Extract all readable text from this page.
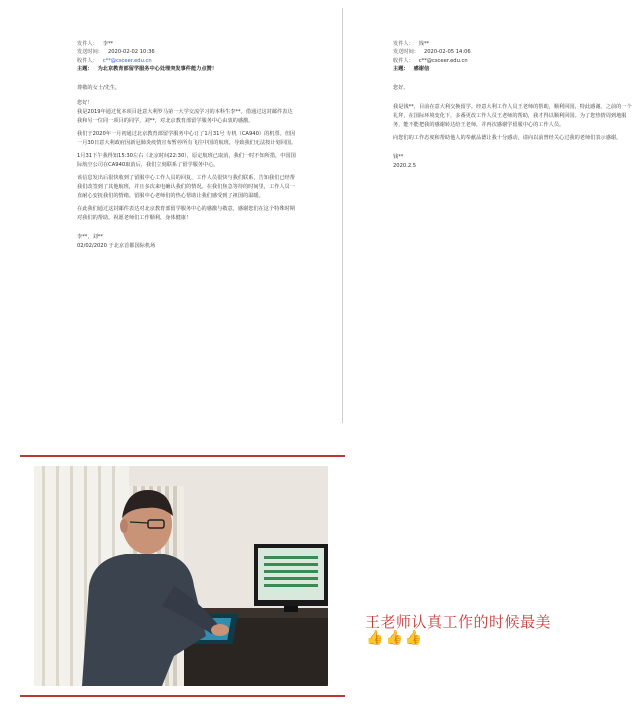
发件人： 李**
发送时间： 2020-02-02 10:36
收件人： c**@csceer.edu.cn
主题： 为北京教育部留学服务中心处理突发事件能力点赞！
尊敬的女士/先生，
您好！

我是2019年通过优本项目赴意大利罗马第一大学交流学习的本科生李**。借通过这封邮件表达我和另一位同一项目的同学，刘**，对北京教育部留学服务中心由衷的感激。

我们于2020年一月初通过北京教育部留学服务中心订了1月31号 专机（CA940）的机票。但因一月30日意大利政府因新冠肺炎疫情宣布暂停所有飞往中国的航班，导致我们无法按计划回国。

1月31下午我得知15:30左右（北京时间22:30），原定航班已取消，我们一时不知所措，中国国际航空公司在CA940取消后，我们立刻联系了留学服务中心。

该信息发出后很快收到了留服中心工作人员的回复，工作人员很快与我们联系，告知我们已经帮我们改签到了其他航班，并且多次来电确认我们的情况。在我们焦急等待的时间里，工作人员一直耐心安抚我们的情绪。留服中心老师们的热心帮助让我们感受到了祖国的温暖。

在此我们通过这封邮件表达对北京教育部留学服务中心的感激与敬意，感谢您们在这个特殊时期对我们的帮助，祝愿老师们工作顺利，身体健康！

李**，刘**
02/02/2020 于北京首都国际机场
发件人： 钱**
发送时间： 2020-02-05 14:06
收件人： c**@csceer.edu.cn
主题： 感谢信
您好。

我是钱**，目前在意大利交换留学。经意大利工作人员王老师的帮助，顺利回国，特此感谢。之前的一个礼拜，在国际环境变化下，多番更改工作人员王老师的帮助，我才得以顺利回国。为了您热情周到地服务，能不能把我的感谢转达给王老师，并再次感谢学留服中心的工作人员。

向您们的工作态度和帮助他人的奉献品德让我十分感动，请向以前曾经关心过我的老师们表示感谢。

钱**
2020.2.5
王老师认真工作的时候最美
👍 👍 👍
